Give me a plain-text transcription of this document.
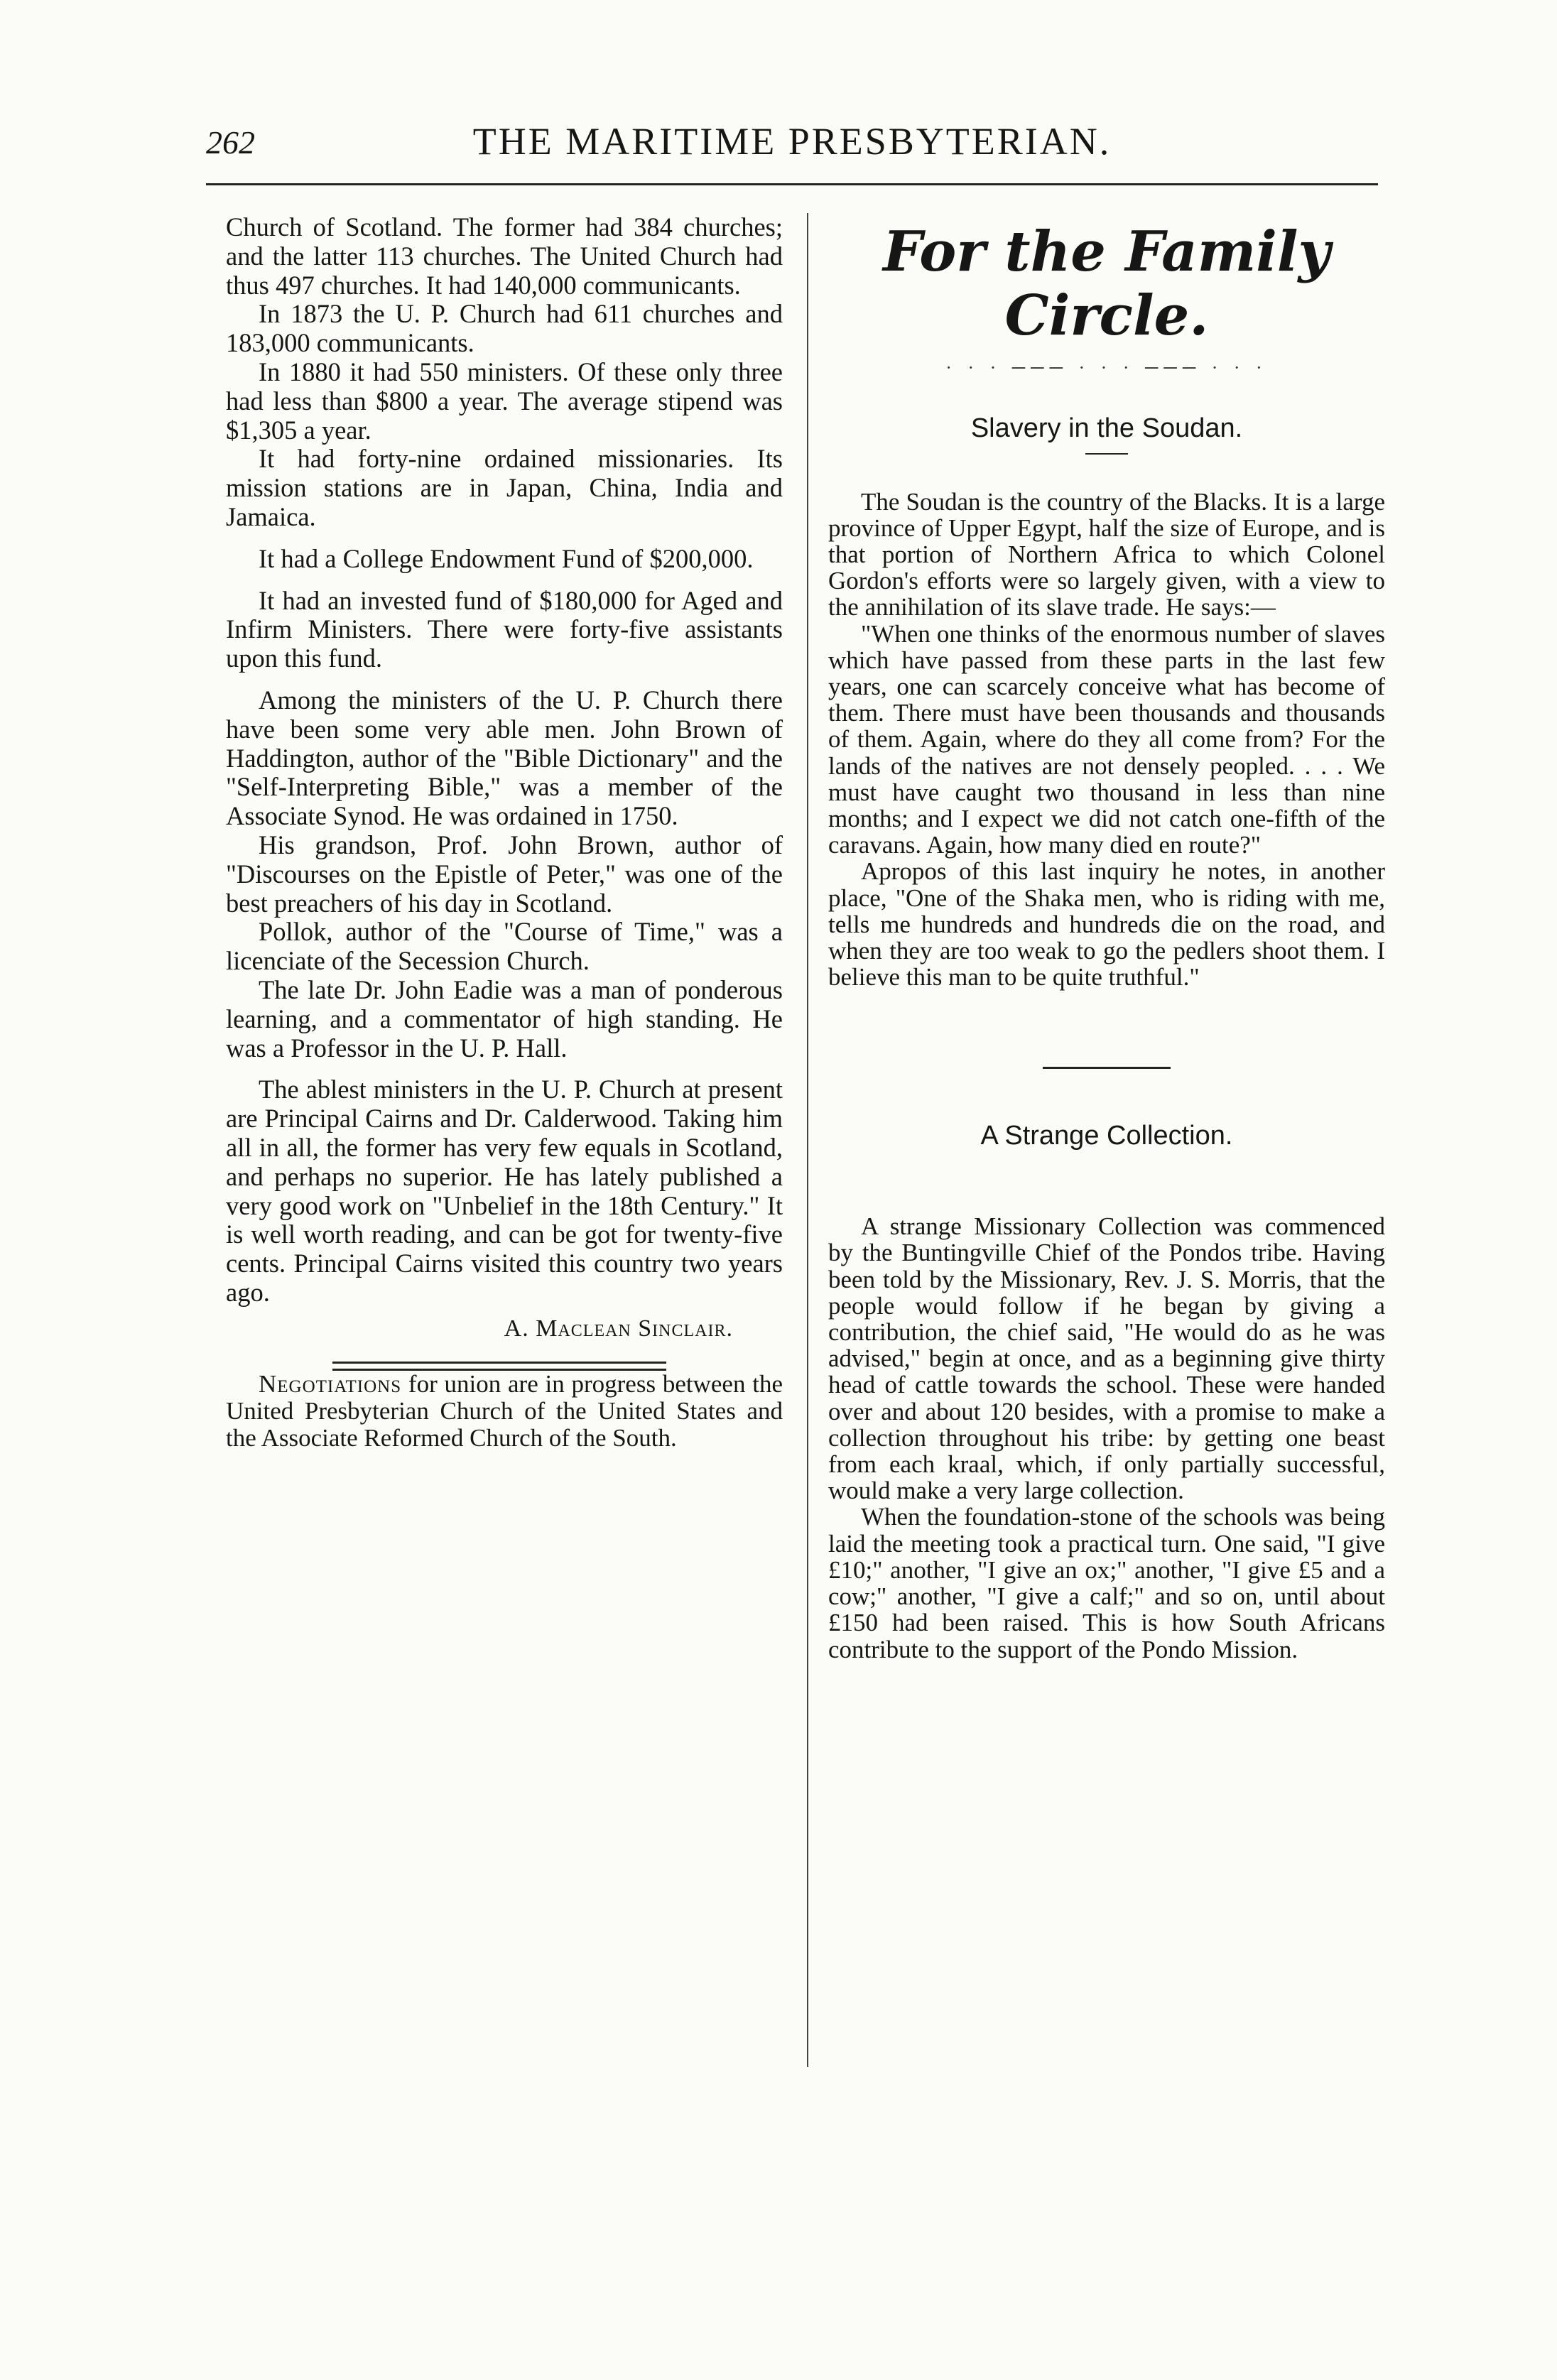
262	THE MARITIME PRESBYTERIAN.

Church of Scotland. The former had 384 churches; and the latter 113 churches. The United Church had thus 497 churches. It had 140,000 communicants.

In 1873 the U. P. Church had 611 churches and 183,000 communicants.

In 1880 it had 550 ministers. Of these only three had less than $800 a year. The average stipend was $1,305 a year.

It had forty-nine ordained missionaries. Its mission stations are in Japan, China, India and Jamaica.

It had a College Endowment Fund of $200,000.

It had an invested fund of $180,000 for Aged and Infirm Ministers. There were forty-five assistants upon this fund.

Among the ministers of the U. P. Church there have been some very able men. John Brown of Haddington, author of the "Bible Dictionary" and the "Self-Interpreting Bible," was a member of the Associate Synod. He was ordained in 1750.

His grandson, Prof. John Brown, author of "Discourses on the Epistle of Peter," was one of the best preachers of his day in Scotland.

Pollok, author of the "Course of Time," was a licenciate of the Secession Church.

The late Dr. John Eadie was a man of ponderous learning, and a commentator of high standing. He was a Professor in the U. P. Hall.

The ablest ministers in the U. P. Church at present are Principal Cairns and Dr. Calderwood. Taking him all in all, the former has very few equals in Scotland, and perhaps no superior. He has lately published a very good work on "Unbelief in the 18th Century." It is well worth reading, and can be got for twenty-five cents. Principal Cairns visited this country two years ago.

A. Maclean Sinclair.

Negotiations for union are in progress between the United Presbyterian Church of the United States and the Associate Reformed Church of the South.

For the Family Circle.
· · · ─── · · · ─── · · ·
Slavery in the Soudan.

The Soudan is the country of the Blacks. It is a large province of Upper Egypt, half the size of Europe, and is that portion of Northern Africa to which Colonel Gordon's efforts were so largely given, with a view to the annihilation of its slave trade. He says:—

"When one thinks of the enormous number of slaves which have passed from these parts in the last few years, one can scarcely conceive what has become of them. There must have been thousands and thousands of them. Again, where do they all come from? For the lands of the natives are not densely peopled. . . . We must have caught two thousand in less than nine months; and I expect we did not catch one-fifth of the caravans. Again, how many died en route?"

Apropos of this last inquiry he notes, in another place, "One of the Shaka men, who is riding with me, tells me hundreds and hundreds die on the road, and when they are too weak to go the pedlers shoot them. I believe this man to be quite truthful."

A Strange Collection.

A strange Missionary Collection was commenced by the Buntingville Chief of the Pondos tribe. Having been told by the Missionary, Rev. J. S. Morris, that the people would follow if he began by giving a contribution, the chief said, "He would do as he was advised," begin at once, and as a beginning give thirty head of cattle towards the school. These were handed over and about 120 besides, with a promise to make a collection throughout his tribe: by getting one beast from each kraal, which, if only partially successful, would make a very large collection.

When the foundation-stone of the schools was being laid the meeting took a practical turn. One said, "I give £10;" another, "I give an ox;" another, "I give £5 and a cow;" another, "I give a calf;" and so on, until about £150 had been raised. This is how South Africans contribute to the support of the Pondo Mission.
